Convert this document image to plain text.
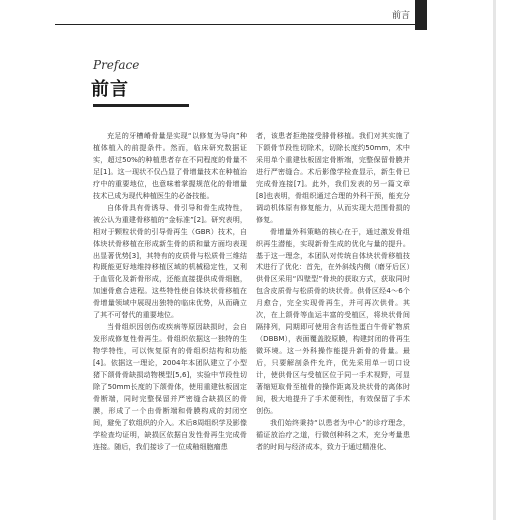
前言
Preface
前言

充足的牙槽嵴骨量是实现“以修复为导向”种植体植入的前提条件。然而，临床研究数据证实，超过50%的种植患者存在不同程度的骨量不足[1]。这一现状不仅凸显了骨增量技术在种植治疗中的重要地位，也意味着掌握规范化的骨增量技术已成为现代种植医生的必备技能。

自体骨具有骨诱导、骨引导和骨生成特性，被公认为重建骨移植的“金标准”[2]。研究表明，相对于颗粒状骨的引导骨再生（GBR）技术，自体块状骨移植在形成新生骨的质和量方面均表现出显著优势[3]，其特有的皮质骨与松质骨三维结构既能更好地维持移植区域的机械稳定性，又利于血管化及新骨形成，还能直接提供成骨细胞，加速骨愈合进程。这些特性使自体块状骨移植在骨增量领域中展现出独特的临床优势，从而确立了其不可替代的重要地位。

当骨组织因创伤或疾病等原因缺损时，会自发形成修复性骨再生。骨组织依据这一独特的生物学特性，可以恢复原有的骨组织结构和功能[4]。依据这一理论，2004年本团队建立了小型猪下颌骨骨缺损动物模型[5,6]，实验中节段性切除了50mm长度的下颌骨体，使用重建钛板固定骨断端，同时完整保留并严密缝合缺损区的骨膜，形成了一个由骨断端和骨膜构成的封闭空间，避免了软组织的介入。术后8周组织学及影像学检查均证明，缺损区依据自发性骨再生完成骨连接。随后，我们接诊了一位成釉细胞瘤患

者，该患者拒绝接受腓骨移植。我们对其实施了下颌骨节段性切除术，切除长度约50mm，术中采用单个重建钛板固定骨断端，完整保留骨膜并进行严密缝合。术后影像学检查显示，新生骨已完成骨连接[7]。此外，我们发表的另一篇文章[8]也表明，骨组织通过合理的外科干预，能充分调动机体原有修复能力，从而实现大范围骨损的修复。

骨增量外科策略的核心在于，通过激发骨组织再生潜能，实现新骨生成的优化与量的提升。基于这一理念，本团队对传统自体块状骨移植技术进行了优化：首先，在外斜线内侧（磨牙后区）供骨区采用“四壁型”骨块的获取方式，获取同时包含皮质骨与松质骨的块状骨。供骨区经4～6个月愈合，完全实现骨再生，并可再次供骨。其次，在上颌骨等血运丰富的受植区，将块状骨间隔排列，同期即可使用含有活性蛋白牛骨矿物质（DBBM），表面覆盖胶原膜，构建封闭的骨再生微环境。这一外科操作能提升新骨的骨量。最后，只要解剖条件允许，优先采用单一切口设计，使供骨区与受植区位于同一手术视野，可显著缩短取骨至植骨的操作距离及块状骨的离体时间，极大地提升了手术便利性，有效保留了手术创伤。

我们始终秉持“以患者为中心”的诊疗理念，循证放治疗之道，行微创种科之术，充分考量患者的时间与经济成本，致力于通过精准化、
